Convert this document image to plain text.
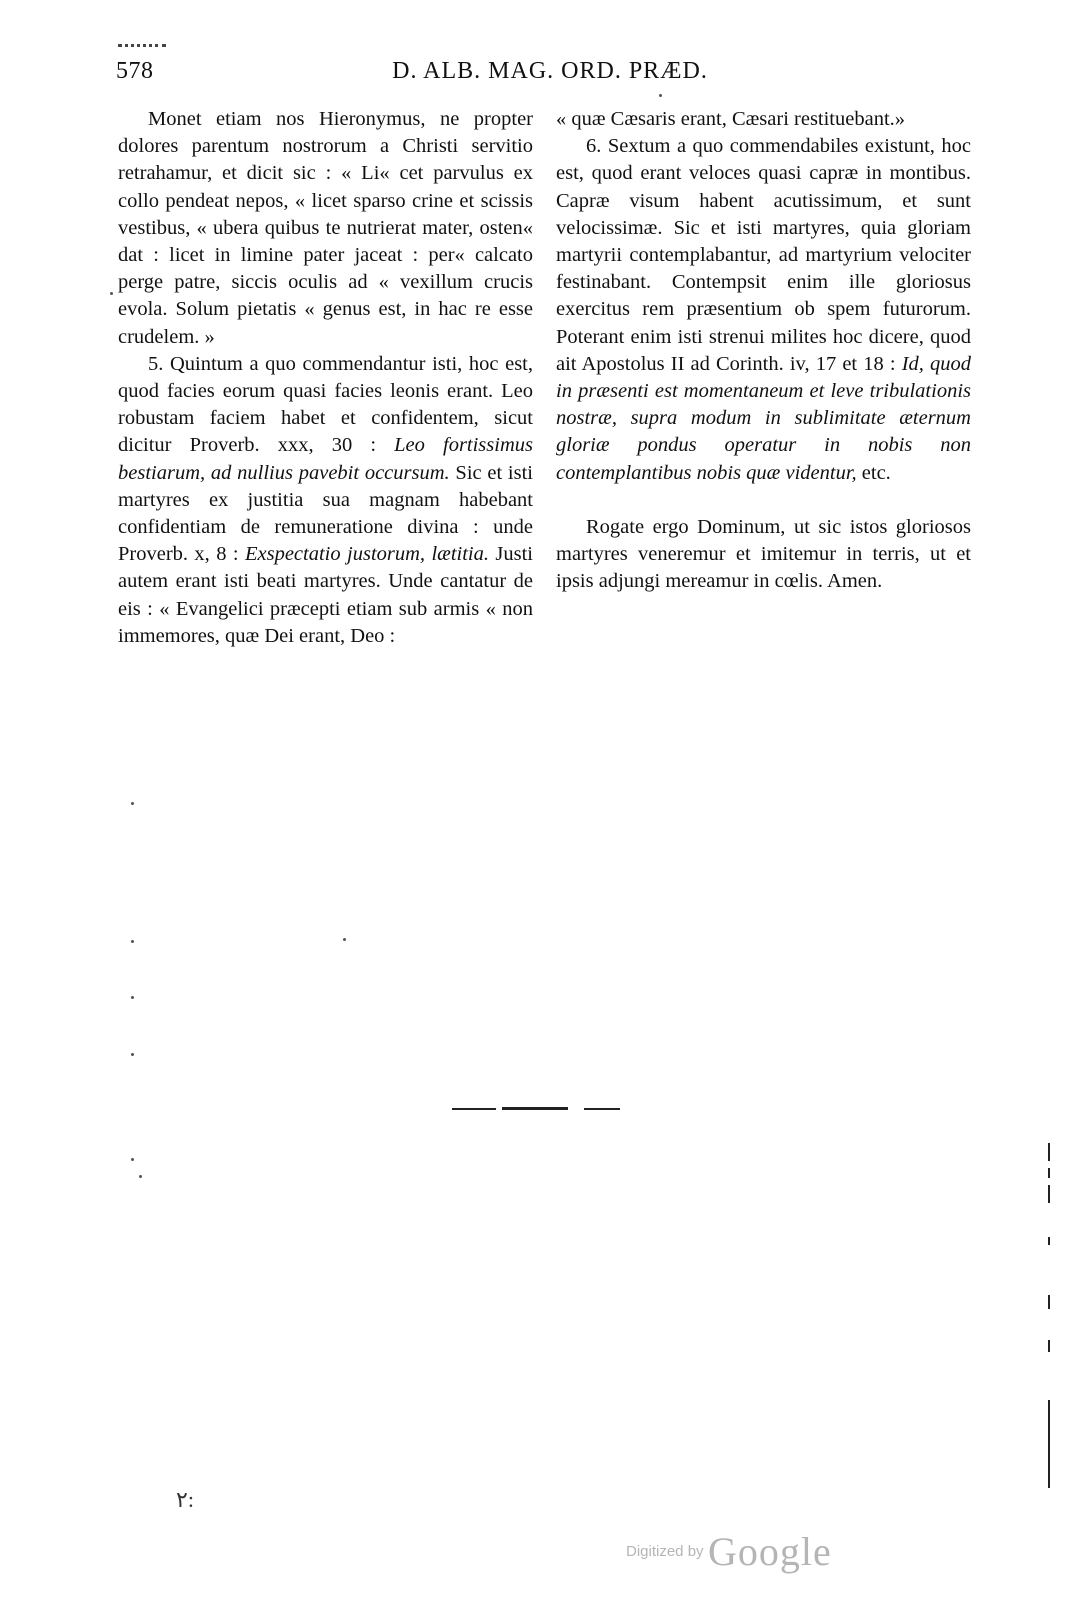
578	D. ALB. MAG. ORD. PRÆD.

Monet etiam nos Hieronymus, ne propter dolores parentum nostrorum a Christi servitio retrahamur, et dicit sic : « Li« cet parvulus ex collo pendeat nepos, « licet sparso crine et scissis vestibus, « ubera quibus te nutrierat mater, osten« dat : licet in limine pater jaceat : per« calcato perge patre, siccis oculis ad « vexillum crucis evola. Solum pietatis « genus est, in hac re esse crudelem. »

5. Quintum a quo commendantur isti, hoc est, quod facies eorum quasi facies leonis erant. Leo robustam faciem habet et confidentem, sicut dicitur Proverb. xxx, 30 : Leo fortissimus bestiarum, ad nullius pavebit occursum. Sic et isti martyres ex justitia sua magnam habebant confidentiam de remuneratione divina : unde Proverb. x, 8 : Exspectatio justorum, lætitia. Justi autem erant isti beati martyres. Unde cantatur de eis : « Evangelici præcepti etiam sub armis « non immemores, quæ Dei erant, Deo :

« quæ Cæsaris erant, Cæsari restituebant.»

6. Sextum a quo commendabiles existunt, hoc est, quod erant veloces quasi capræ in montibus. Capræ visum habent acutissimum, et sunt velocissimæ. Sic et isti martyres, quia gloriam martyrii contemplabantur, ad martyrium velociter festinabant. Contempsit enim ille gloriosus exercitus rem præsentium ob spem futurorum. Poterant enim isti strenui milites hoc dicere, quod ait Apostolus II ad Corinth. iv, 17 et 18 : Id, quod in præsenti est momentaneum et leve tribulationis nostræ, supra modum in sublimitate æternum gloriæ pondus operatur in nobis non contemplantibus nobis quæ videntur, etc.

Rogate ergo Dominum, ut sic istos gloriosos martyres veneremur et imitemur in terris, ut et ipsis adjungi mereamur in cœlis. Amen.

٢:
Digitized by Google
